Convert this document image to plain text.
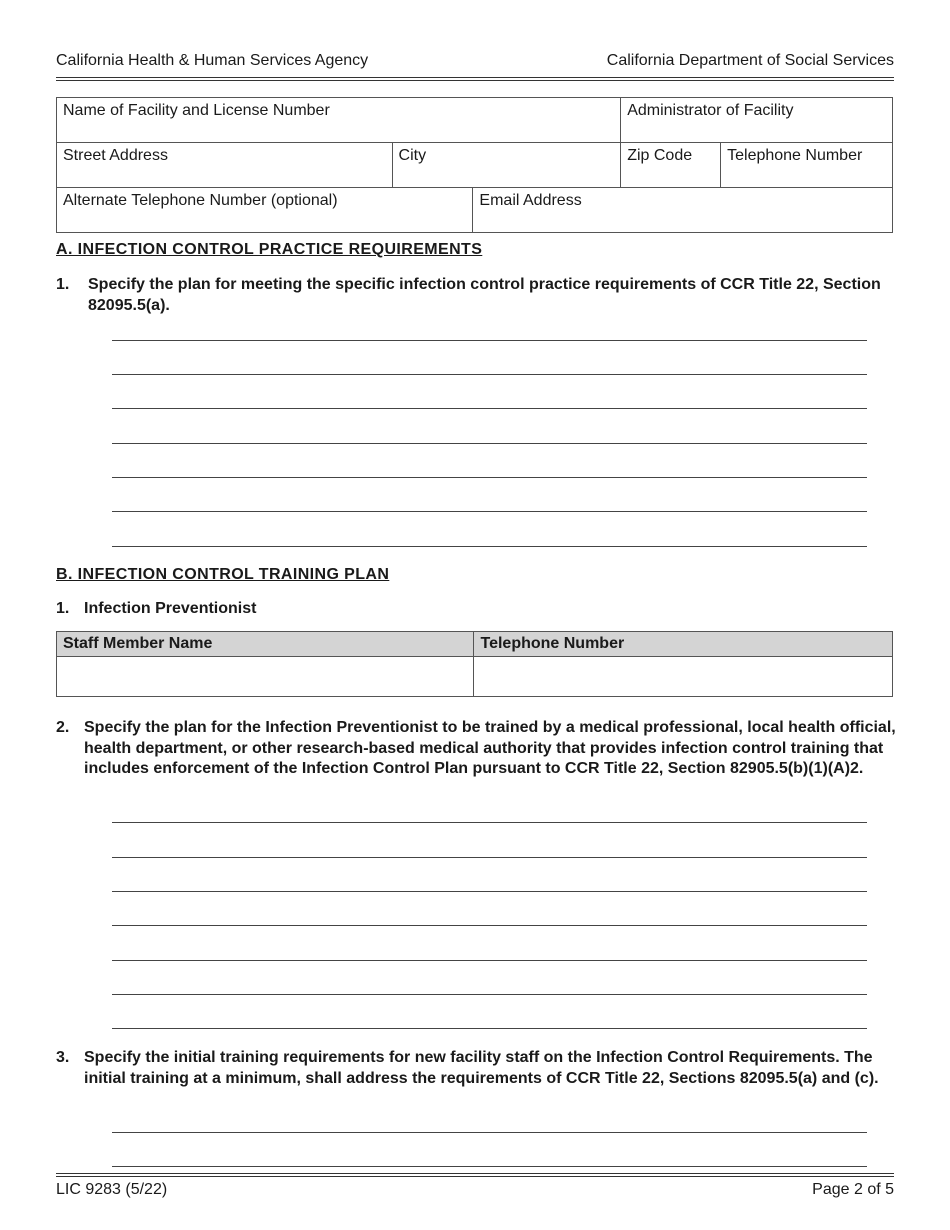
California Health & Human Services Agency	California Department of Social Services
Name of Facility and License Number			Administrator of Facility	
Street Address	City		Zip Code	Telephone Number
Alternate Telephone Number (optional)		Email Address		
A. INFECTION CONTROL PRACTICE REQUIREMENTS
1. Specify the plan for meeting the specific infection control practice requirements of CCR Title 22, Section 82095.5(a).
B. INFECTION CONTROL TRAINING PLAN
1. Infection Preventionist
Staff Member Name	Telephone Number

2. Specify the plan for the Infection Preventionist to be trained by a medical professional, local health official, health department, or other research-based medical authority that provides infection control training that includes enforcement of the Infection Control Plan pursuant to CCR Title 22, Section 82905.5(b)(1)(A)2.
3. Specify the initial training requirements for new facility staff on the Infection Control Requirements. The initial training at a minimum, shall address the requirements of CCR Title 22, Sections 82095.5(a) and (c).
LIC 9283 (5/22)	Page 2 of 5
